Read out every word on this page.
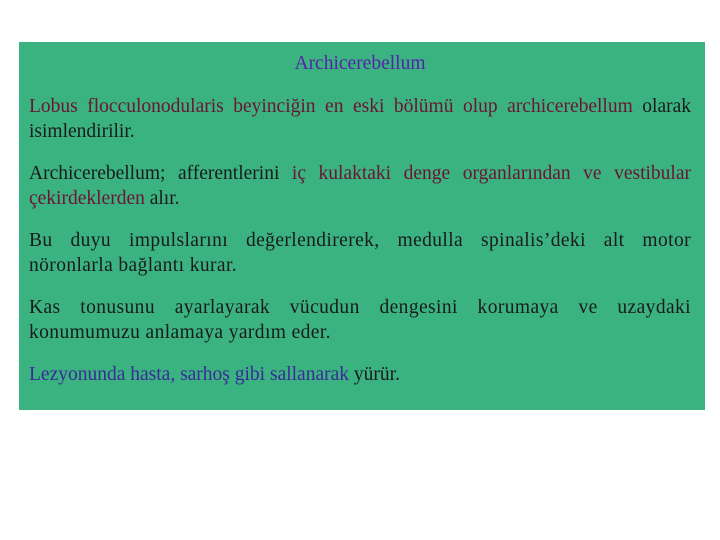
Archicerebellum
Lobus flocculonodularis beyinciğin en eski bölümü olup archicerebellum olarak isimlendirilir.
Archicerebellum; afferentlerini iç kulaktaki denge organlarından ve vestibular çekirdeklerden alır.
Bu duyu impulslarını değerlendirerek, medulla spinalis’deki alt motor nöronlarla bağlantı kurar.
Kas tonusunu ayarlayarak vücudun dengesini korumaya ve uzaydaki konumumuzu anlamaya yardım eder.
Lezyonunda hasta, sarhoş gibi sallanarak yürür.
